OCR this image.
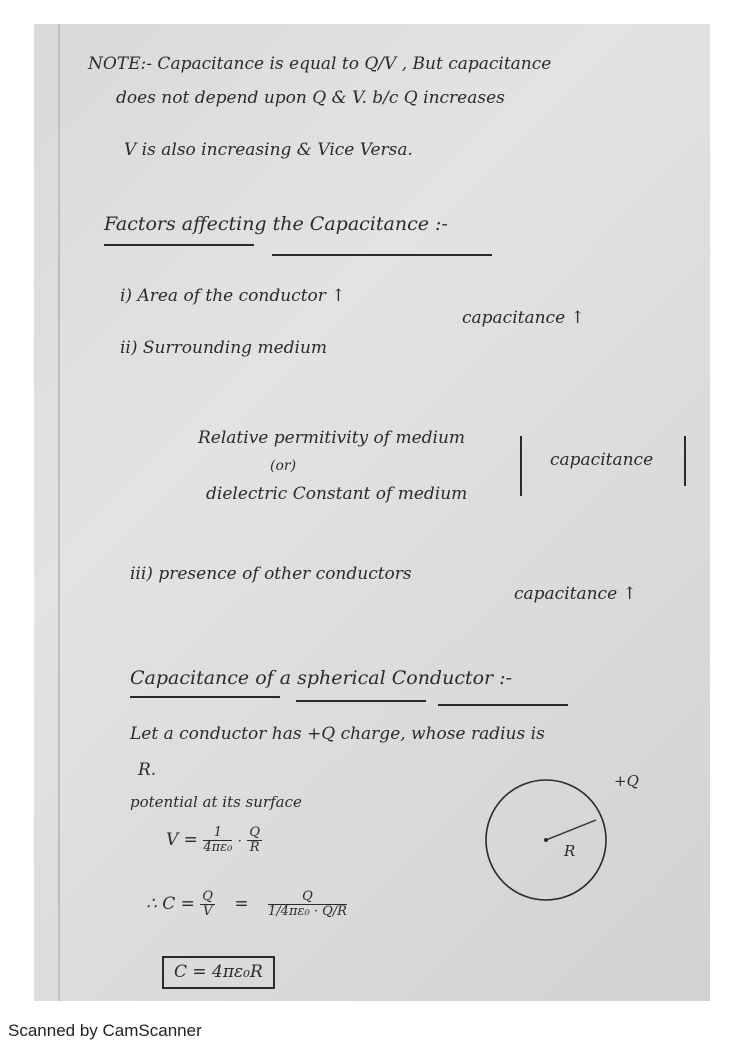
NOTE:- Capacitance is equal to Q/V , But capacitance
does not depend upon Q & V. b/c Q increases
V is also increasing & Vice Versa.
Factors affecting the Capacitance :-
i) Area of the conductor ↑
capacitance ↑
ii) Surrounding medium
Relative permitivity of medium
(or)
dielectric Constant of medium
capacitance
iii) presence of other conductors
capacitance ↑
Capacitance of a spherical Conductor :-
Let a conductor has +Q charge, whose radius is
R.
potential at its surface
$V = \frac{1}{\text{4πε₀}} \cdot \frac{Q}{R}$
∴ $C = \frac{Q}{V} = \frac{Q}{\text{1/4πε₀ · Q/R}}$
C = 4πε₀R
R
+Q
Scanned by CamScanner
